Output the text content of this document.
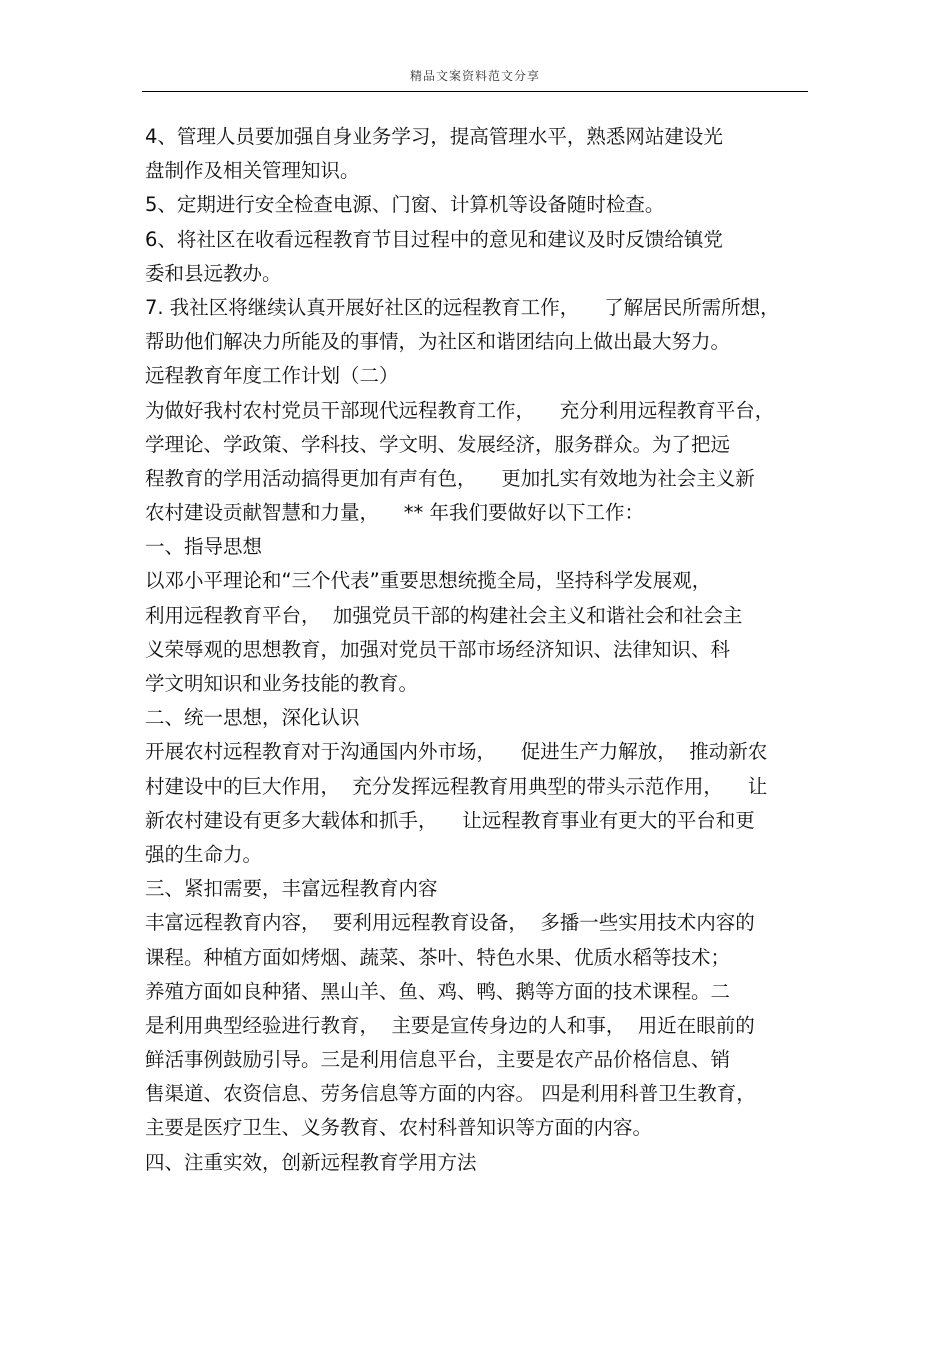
精品文案资料范文分享
4、管理人员要加强自身业务学习，提高管理水平，熟悉网站建设光
盘制作及相关管理知识。
5、定期进行安全检查电源、门窗、计算机等设备随时检查。
6、将社区在收看远程教育节目过程中的意见和建议及时反馈给镇党
委和县远教办。
7. 我社区将继续认真开展好社区的远程教育工作，    了解居民所需所想，
帮助他们解决力所能及的事情，为社区和谐团结向上做出最大努力。
远程教育年度工作计划（二）
为做好我村农村党员干部现代远程教育工作，    充分利用远程教育平台，
学理论、学政策、学科技、学文明、发展经济，服务群众。为了把远
程教育的学用活动搞得更加有声有色，    更加扎实有效地为社会主义新
农村建设贡献智慧和力量，    ** 年我们要做好以下工作：
一、指导思想
以邓小平理论和“三个代表”重要思想统揽全局，坚持科学发展观，
利用远程教育平台，  加强党员干部的构建社会主义和谐社会和社会主
义荣辱观的思想教育，加强对党员干部市场经济知识、法律知识、科
学文明知识和业务技能的教育。
二、统一思想，深化认识
开展农村远程教育对于沟通国内外市场，    促进生产力解放，  推动新农
村建设中的巨大作用，  充分发挥远程教育用典型的带头示范作用，    让
新农村建设有更多大载体和抓手，    让远程教育事业有更大的平台和更
强的生命力。
三、紧扣需要，丰富远程教育内容
丰富远程教育内容，  要利用远程教育设备，  多播一些实用技术内容的
课程。种植方面如烤烟、蔬菜、茶叶、特色水果、优质水稻等技术；
养殖方面如良种猪、黑山羊、鱼、鸡、鸭、鹅等方面的技术课程。二
是利用典型经验进行教育，  主要是宣传身边的人和事，  用近在眼前的
鲜活事例鼓励引导。三是利用信息平台，主要是农产品价格信息、销
售渠道、农资信息、劳务信息等方面的内容。 四是利用科普卫生教育，
主要是医疗卫生、义务教育、农村科普知识等方面的内容。
四、注重实效，创新远程教育学用方法
